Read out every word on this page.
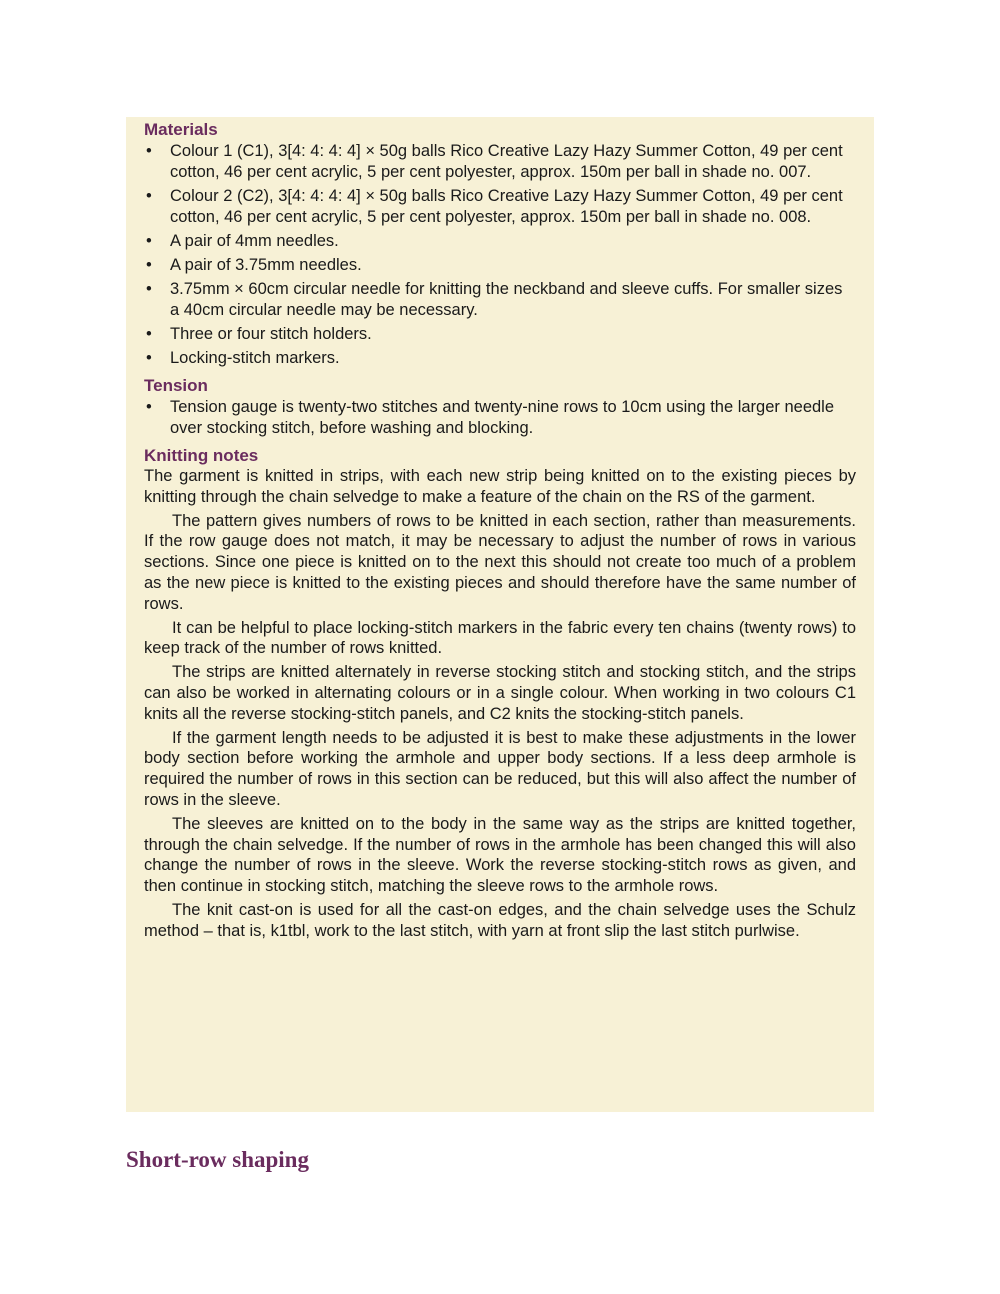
Materials
• Colour 1 (C1), 3[4: 4: 4: 4] × 50g balls Rico Creative Lazy Hazy Summer Cotton, 49 per cent cotton, 46 per cent acrylic, 5 per cent polyester, approx. 150m per ball in shade no. 007.
• Colour 2 (C2), 3[4: 4: 4: 4] × 50g balls Rico Creative Lazy Hazy Summer Cotton, 49 per cent cotton, 46 per cent acrylic, 5 per cent polyester, approx. 150m per ball in shade no. 008.
• A pair of 4mm needles.
• A pair of 3.75mm needles.
• 3.75mm × 60cm circular needle for knitting the neckband and sleeve cuffs. For smaller sizes a 40cm circular needle may be necessary.
• Three or four stitch holders.
• Locking-stitch markers.
Tension
• Tension gauge is twenty-two stitches and twenty-nine rows to 10cm using the larger needle over stocking stitch, before washing and blocking.
Knitting notes

The garment is knitted in strips, with each new strip being knitted on to the existing pieces by knitting through the chain selvedge to make a feature of the chain on the RS of the garment.

The pattern gives numbers of rows to be knitted in each section, rather than measurements. If the row gauge does not match, it may be necessary to adjust the number of rows in various sections. Since one piece is knitted on to the next this should not create too much of a problem as the new piece is knitted to the existing pieces and should therefore have the same number of rows.

It can be helpful to place locking-stitch markers in the fabric every ten chains (twenty rows) to keep track of the number of rows knitted.

The strips are knitted alternately in reverse stocking stitch and stocking stitch, and the strips can also be worked in alternating colours or in a single colour. When working in two colours C1 knits all the reverse stocking-stitch panels, and C2 knits the stocking-stitch panels.

If the garment length needs to be adjusted it is best to make these adjustments in the lower body section before working the armhole and upper body sections. If a less deep armhole is required the number of rows in this section can be reduced, but this will also affect the number of rows in the sleeve.

The sleeves are knitted on to the body in the same way as the strips are knitted together, through the chain selvedge. If the number of rows in the armhole has been changed this will also change the number of rows in the sleeve. Work the reverse stocking-stitch rows as given, and then continue in stocking stitch, matching the sleeve rows to the armhole rows.

The knit cast-on is used for all the cast-on edges, and the chain selvedge uses the Schulz method – that is, k1tbl, work to the last stitch, with yarn at front slip the last stitch purlwise.

Short-row shaping
